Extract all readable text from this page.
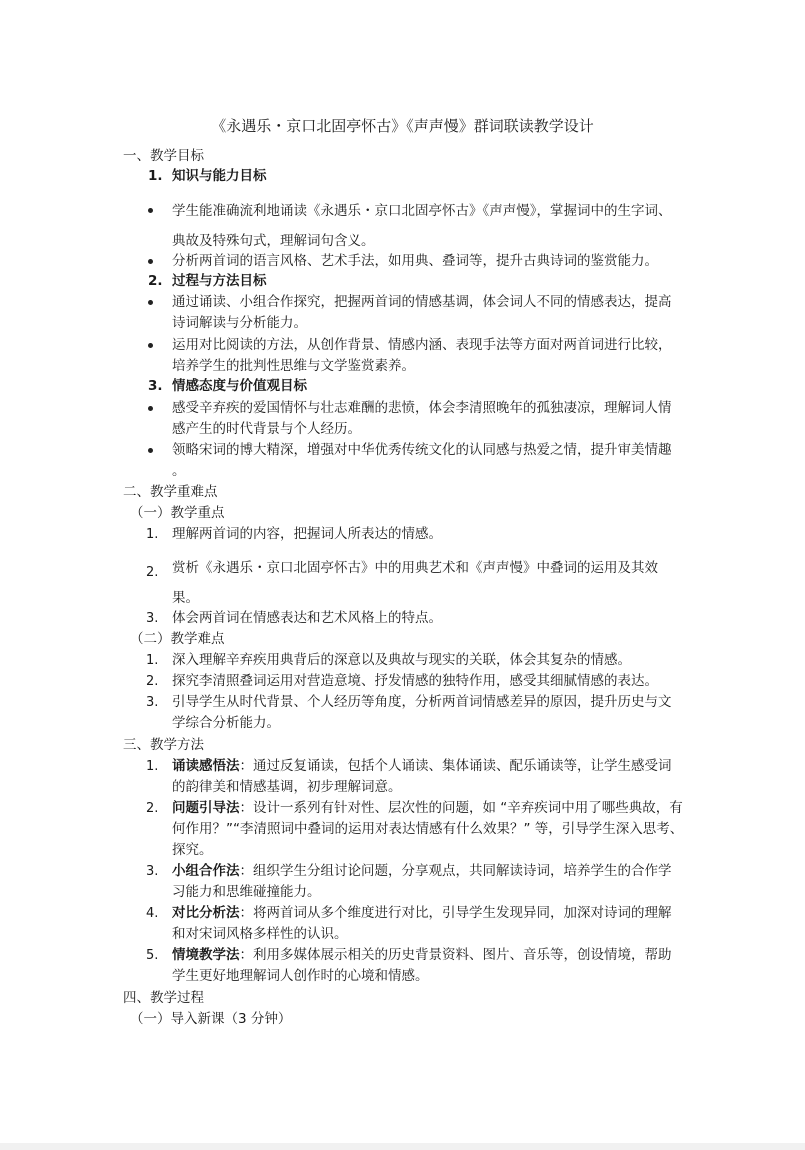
《永遇乐・京口北固亭怀古》《声声慢》群词联读教学设计
一、教学目标
1. 知识与能力目标
学生能准确流利地诵读《永遇乐・京口北固亭怀古》《声声慢》，掌握词中的生字词、典故及特殊句式，理解词句含义。
分析两首词的语言风格、艺术手法，如用典、叠词等，提升古典诗词的鉴赏能力。
2. 过程与方法目标
通过诵读、小组合作探究，把握两首词的情感基调，体会词人不同的情感表达，提高诗词解读与分析能力。
运用对比阅读的方法，从创作背景、情感内涵、表现手法等方面对两首词进行比较，培养学生的批判性思维与文学鉴赏素养。
3. 情感态度与价值观目标
感受辛弃疾的爱国情怀与壮志难酬的悲愤，体会李清照晚年的孤独凄凉，理解词人情感产生的时代背景与个人经历。
领略宋词的博大精深，增强对中华优秀传统文化的认同感与热爱之情，提升审美情趣 。
二、教学重难点
（一）教学重点
1. 理解两首词的内容，把握词人所表达的情感。
2. 赏析《永遇乐・京口北固亭怀古》中的用典艺术和《声声慢》中叠词的运用及其效果。
3. 体会两首词在情感表达和艺术风格上的特点。
（二）教学难点
1. 深入理解辛弃疾用典背后的深意以及典故与现实的关联，体会其复杂的情感。
2. 探究李清照叠词运用对营造意境、抒发情感的独特作用，感受其细腻情感的表达。
3. 引导学生从时代背景、个人经历等角度，分析两首词情感差异的原因，提升历史与文学综合分析能力。
三、教学方法
1. 诵读感悟法：通过反复诵读，包括个人诵读、集体诵读、配乐诵读等，让学生感受词的韵律美和情感基调，初步理解词意。
2. 问题引导法：设计一系列有针对性、层次性的问题，如 “辛弃疾词中用了哪些典故，有何作用？”“李清照词中叠词的运用对表达情感有什么效果？” 等，引导学生深入思考、探究。
3. 小组合作法：组织学生分组讨论问题，分享观点，共同解读诗词，培养学生的合作学习能力和思维碰撞能力。
4. 对比分析法：将两首词从多个维度进行对比，引导学生发现异同，加深对诗词的理解和对宋词风格多样性的认识。
5. 情境教学法：利用多媒体展示相关的历史背景资料、图片、音乐等，创设情境，帮助学生更好地理解词人创作时的心境和情感。
四、教学过程
（一）导入新课（3 分钟）
